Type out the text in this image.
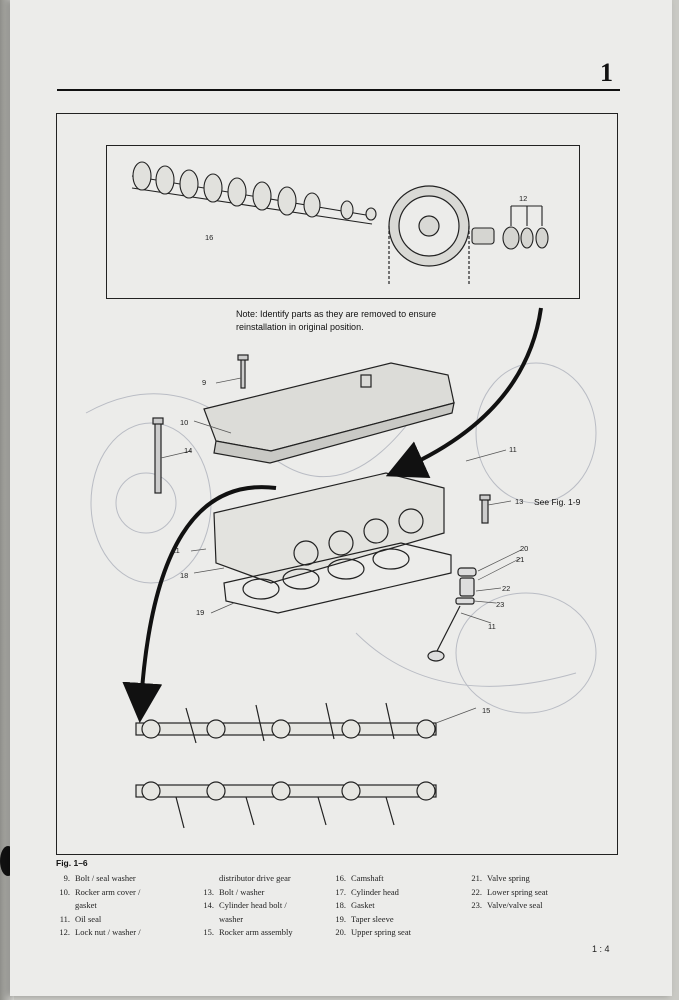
1
16
12
Note: Identify parts as they are removed to ensure reinstallation in original position.
9
10
14	11
13 See Fig. 1-9
11
18
19
20
21
22
23
11
15
Fig. 1–6
9. Bolt / seal washer
10. Rocker arm cover /
gasket
11. Oil seal
12. Lock nut / washer /
distributor drive gear
13. Bolt / washer
14. Cylinder head bolt /
washer
15. Rocker arm assembly
16. Camshaft
17. Cylinder head
18. Gasket
19. Taper sleeve
20. Upper spring seat
21. Valve spring
22. Lower spring seat
23. Valve/valve seal
1 : 4
